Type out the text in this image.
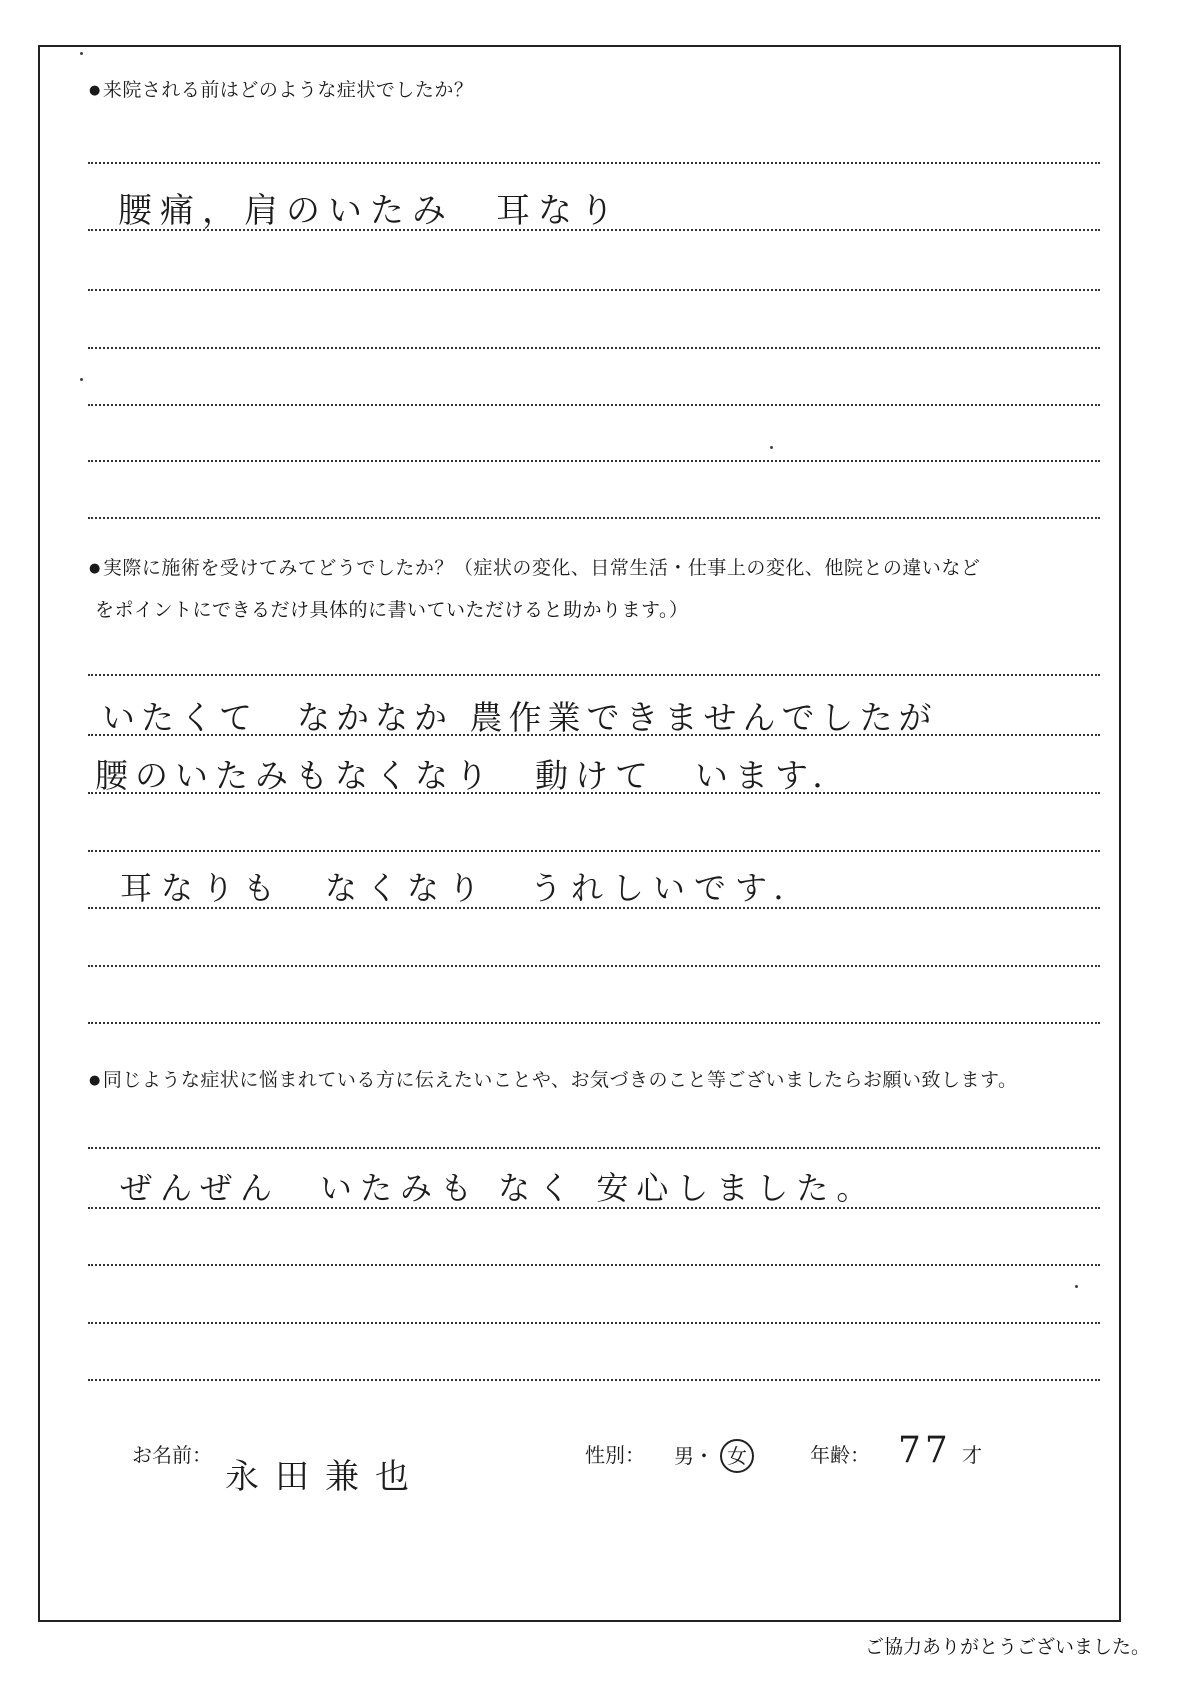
● 来院される前はどのような症状でしたか？
腰痛，肩のいたみ　耳なり
● 実際に施術を受けてみてどうでしたか？（症状の変化、日常生活・仕事上の変化、他院との違いなど
をポイントにできるだけ具体的に書いていただけると助かります。）
いたくて　なかなか 農作業できませんでしたが
腰のいたみもなくなり　動けて　います．
耳なりも　なくなり　うれしいです．
● 同じような症状に悩まれている方に伝えたいことや、お気づきのこと等ございましたらお願い致します。
ぜんぜん　いたみも なく 安心しました。
お名前：
永田兼也
性別： 男・ 女	年齢： 77 才
ご協力ありがとうございました。
